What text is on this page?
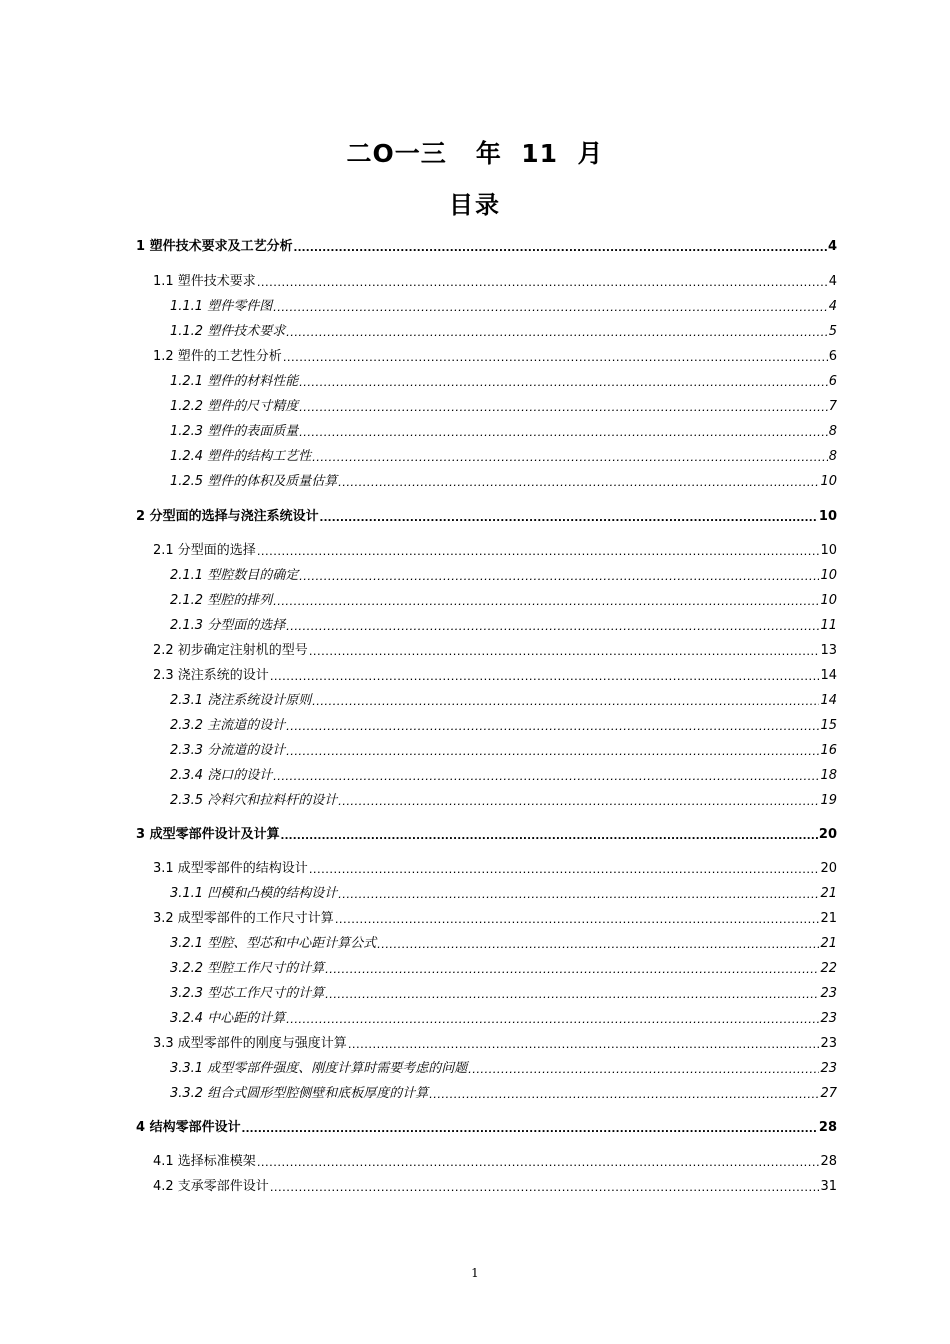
二O一三   年  11  月
目录
1 塑件技术要求及工艺分析 .....	4
1.1 塑件技术要求 .....	4
1.1.1 塑件零件图 .....	4
1.1.2 塑件技术要求 .....	5
1.2 塑件的工艺性分析 .....	6
1.2.1 塑件的材料性能 .....	6
1.2.2 塑件的尺寸精度 .....	7
1.2.3 塑件的表面质量 .....	8
1.2.4 塑件的结构工艺性 .....	8
1.2.5 塑件的体积及质量估算 .....	10
2 分型面的选择与浇注系统设计 .....	10
2.1 分型面的选择 .....	10
2.1.1 型腔数目的确定 .....	10
2.1.2 型腔的排列 .....	10
2.1.3 分型面的选择 .....	11
2.2 初步确定注射机的型号 .....	13
2.3 浇注系统的设计 .....	14
2.3.1 浇注系统设计原则 .....	14
2.3.2 主流道的设计 .....	15
2.3.3 分流道的设计 .....	16
2.3.4 浇口的设计 .....	18
2.3.5 冷料穴和拉料杆的设计 .....	19
3 成型零部件设计及计算 .....	20
3.1 成型零部件的结构设计 .....	20
3.1.1 凹模和凸模的结构设计 .....	21
3.2 成型零部件的工作尺寸计算 .....	21
3.2.1 型腔、型芯和中心距计算公式 .....	21
3.2.2 型腔工作尺寸的计算 .....	22
3.2.3 型芯工作尺寸的计算 .....	23
3.2.4 中心距的计算 .....	23
3.3 成型零部件的刚度与强度计算 .....	23
3.3.1 成型零部件强度、刚度计算时需要考虑的问题 .....	23
3.3.2 组合式圆形型腔侧壁和底板厚度的计算 .....	27
4 结构零部件设计 .....	28
4.1 选择标准模架 .....	28
4.2 支承零部件设计 .....	31
1
